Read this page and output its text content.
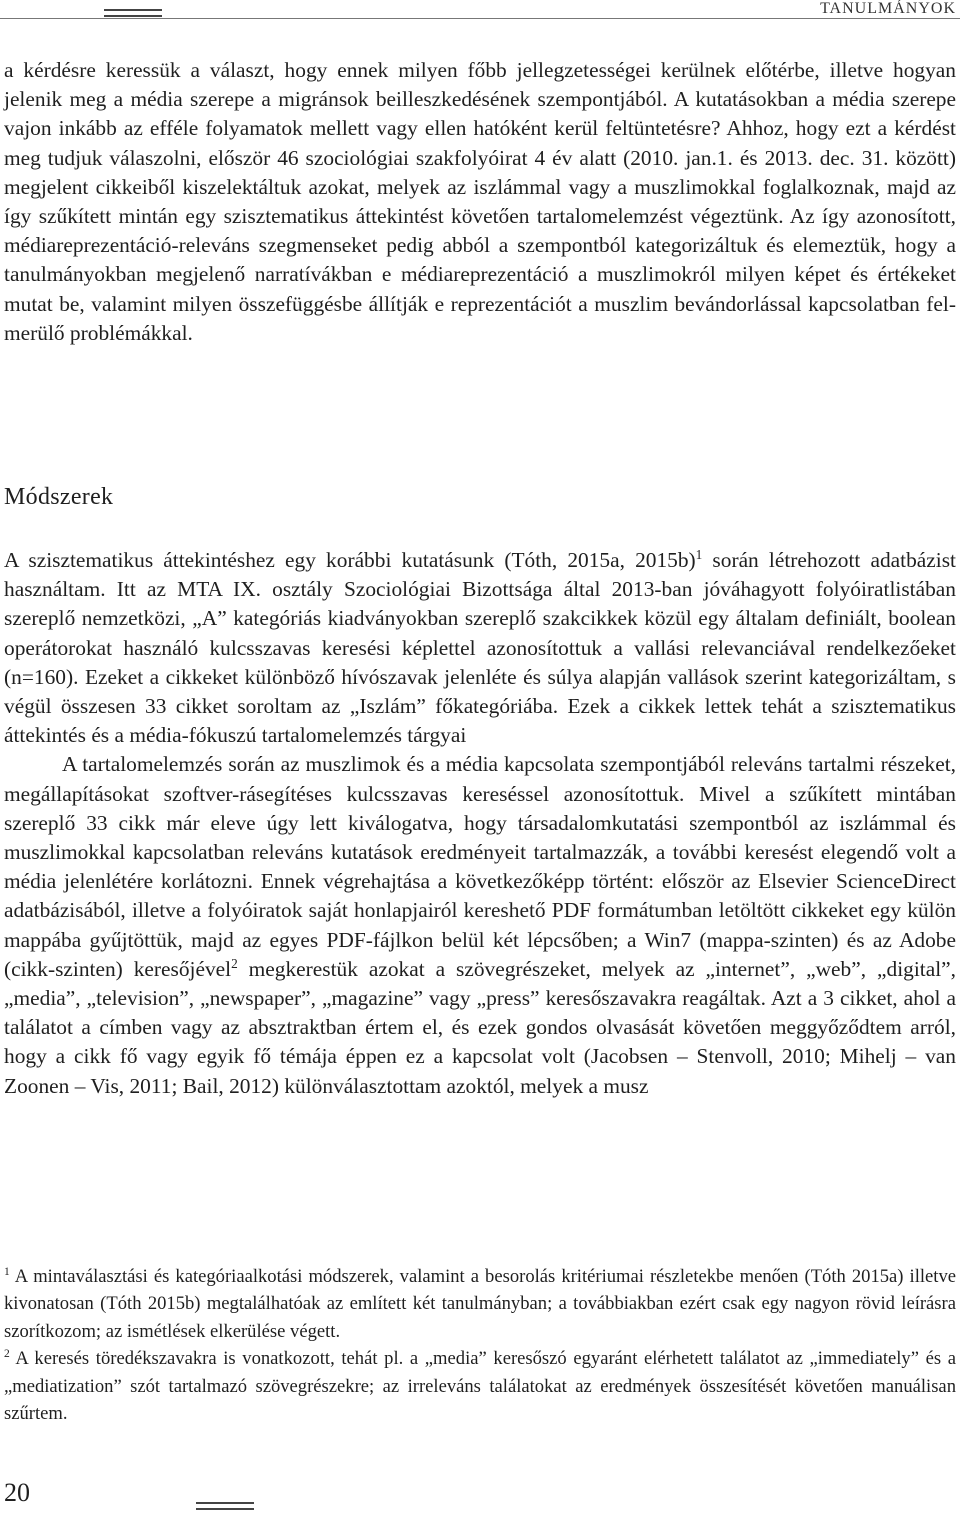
TANULMÁNYOK

a kérdésre keressük a választ, hogy ennek milyen főbb jellegzetességei kerülnek előtérbe, illetve hogyan jelenik meg a média szerepe a migránsok beilleszkedésének szempontjából. A kutatásokban a média szerepe vajon inkább az efféle folyamatok mellett vagy ellen hatóként kerül feltüntetésre? Ahhoz, hogy ezt a kérdést meg tudjuk válaszolni, először 46 szociológiai szakfolyóirat 4 év alatt (2010. jan.1. és 2013. dec. 31. között) megjelent cikkeiből kiszelektáltuk azokat, melyek az iszlámmal vagy a muszlimokkal foglalkoznak, majd az így szűkített mintán egy szisztematikus áttekintést követően tartalomelemzést végeztünk. Az így azonosított, médiareprezentáció-releváns szegmenseket pedig abból a szempontból kategorizáltuk és elemeztük, hogy a tanulmányokban megjelenő narratívákban e médiareprezentáció a muszlimokról milyen képet és értékeket mutat be, valamint milyen összefüggésbe állítják e reprezentációt a muszlim bevándorlással kapcsolatban felmerülő problémákkal.

Módszerek

A szisztematikus áttekintéshez egy korábbi kutatásunk (Tóth, 2015a, 2015b)$^1$ során létrehozott adatbázist használtam. Itt az MTA IX. osztály Szociológiai Bizottsága által 2013-ban jóváhagyott folyóiratlistában szereplő nemzetközi, „A” kategóriás kiadványokban szereplő szakcikkek közül egy általam definiált, boolean operátorokat használó kulcsszavas keresési képlettel azonosítottuk a vallási relevanciával rendelkezőeket (n=160). Ezeket a cikkeket különböző hívószavak jelenléte és súlya alapján vallások szerint kategorizáltam, s végül összesen 33 cikket soroltam az „Iszlám” főkategóriába. Ezek a cikkek lettek tehát a szisztematikus áttekintés és a média-fókuszú tartalomelemzés tárgyai

A tartalomelemzés során az muszlimok és a média kapcsolata szempontjából releváns tartalmi részeket, megállapításokat szoftver-rásegítéses kulcsszavas kereséssel azonosítottuk. Mivel a szűkített mintában szereplő 33 cikk már eleve úgy lett kiválogatva, hogy társadalomkutatási szempontból az iszlámmal és muszlimokkal kapcsolatban releváns kutatások eredményeit tartalmazzák, a további keresést elegendő volt a média jelenlétére korlátozni. Ennek végrehajtása a következőképp történt: először az Elsevier ScienceDirect adatbázisából, illetve a folyóiratok saját honlapjairól kereshető PDF formátumban letöltött cikkeket egy külön mappába gyűjtöttük, majd az egyes PDF-fájlkon belül két lépcsőben; a Win7 (mappa-szinten) és az Adobe (cikk-szinten) keresőjével$^2$ megkerestük azokat a szövegrészeket, melyek az „internet”, „web”, „digital”, „media”, „television”, „newspaper”, „magazine” vagy „press” keresőszavakra reagáltak. Azt a 3 cikket, ahol a találatot a címben vagy az absztraktban értem el, és ezek gondos olvasását követően meggyőződtem arról, hogy a cikk fő vagy egyik fő témája éppen ez a kapcsolat volt (Jacobsen – Stenvoll, 2010; Mihelj – van Zoonen – Vis, 2011; Bail, 2012) különválasztottam azoktól, melyek a musz

$^1$ A mintaválasztási és kategóriaalkotási módszerek, valamint a besorolás kritériumai részletekbe menően (Tóth 2015a) illetve kivonatosan (Tóth 2015b) megtalálhatóak az említett két tanulmányban; a továbbiakban ezért csak egy nagyon rövid leírásra szorítkozom; az ismétlések elkerülése végett.

$^2$ A keresés töredékszavakra is vonatkozott, tehát pl. a „media” keresőszó egyaránt elérhetett találatot az „immediately” és a „mediatization” szót tartalmazó szövegrészekre; az irreleváns találatokat az eredmények összesítését követően manuálisan szűrtem.

20
